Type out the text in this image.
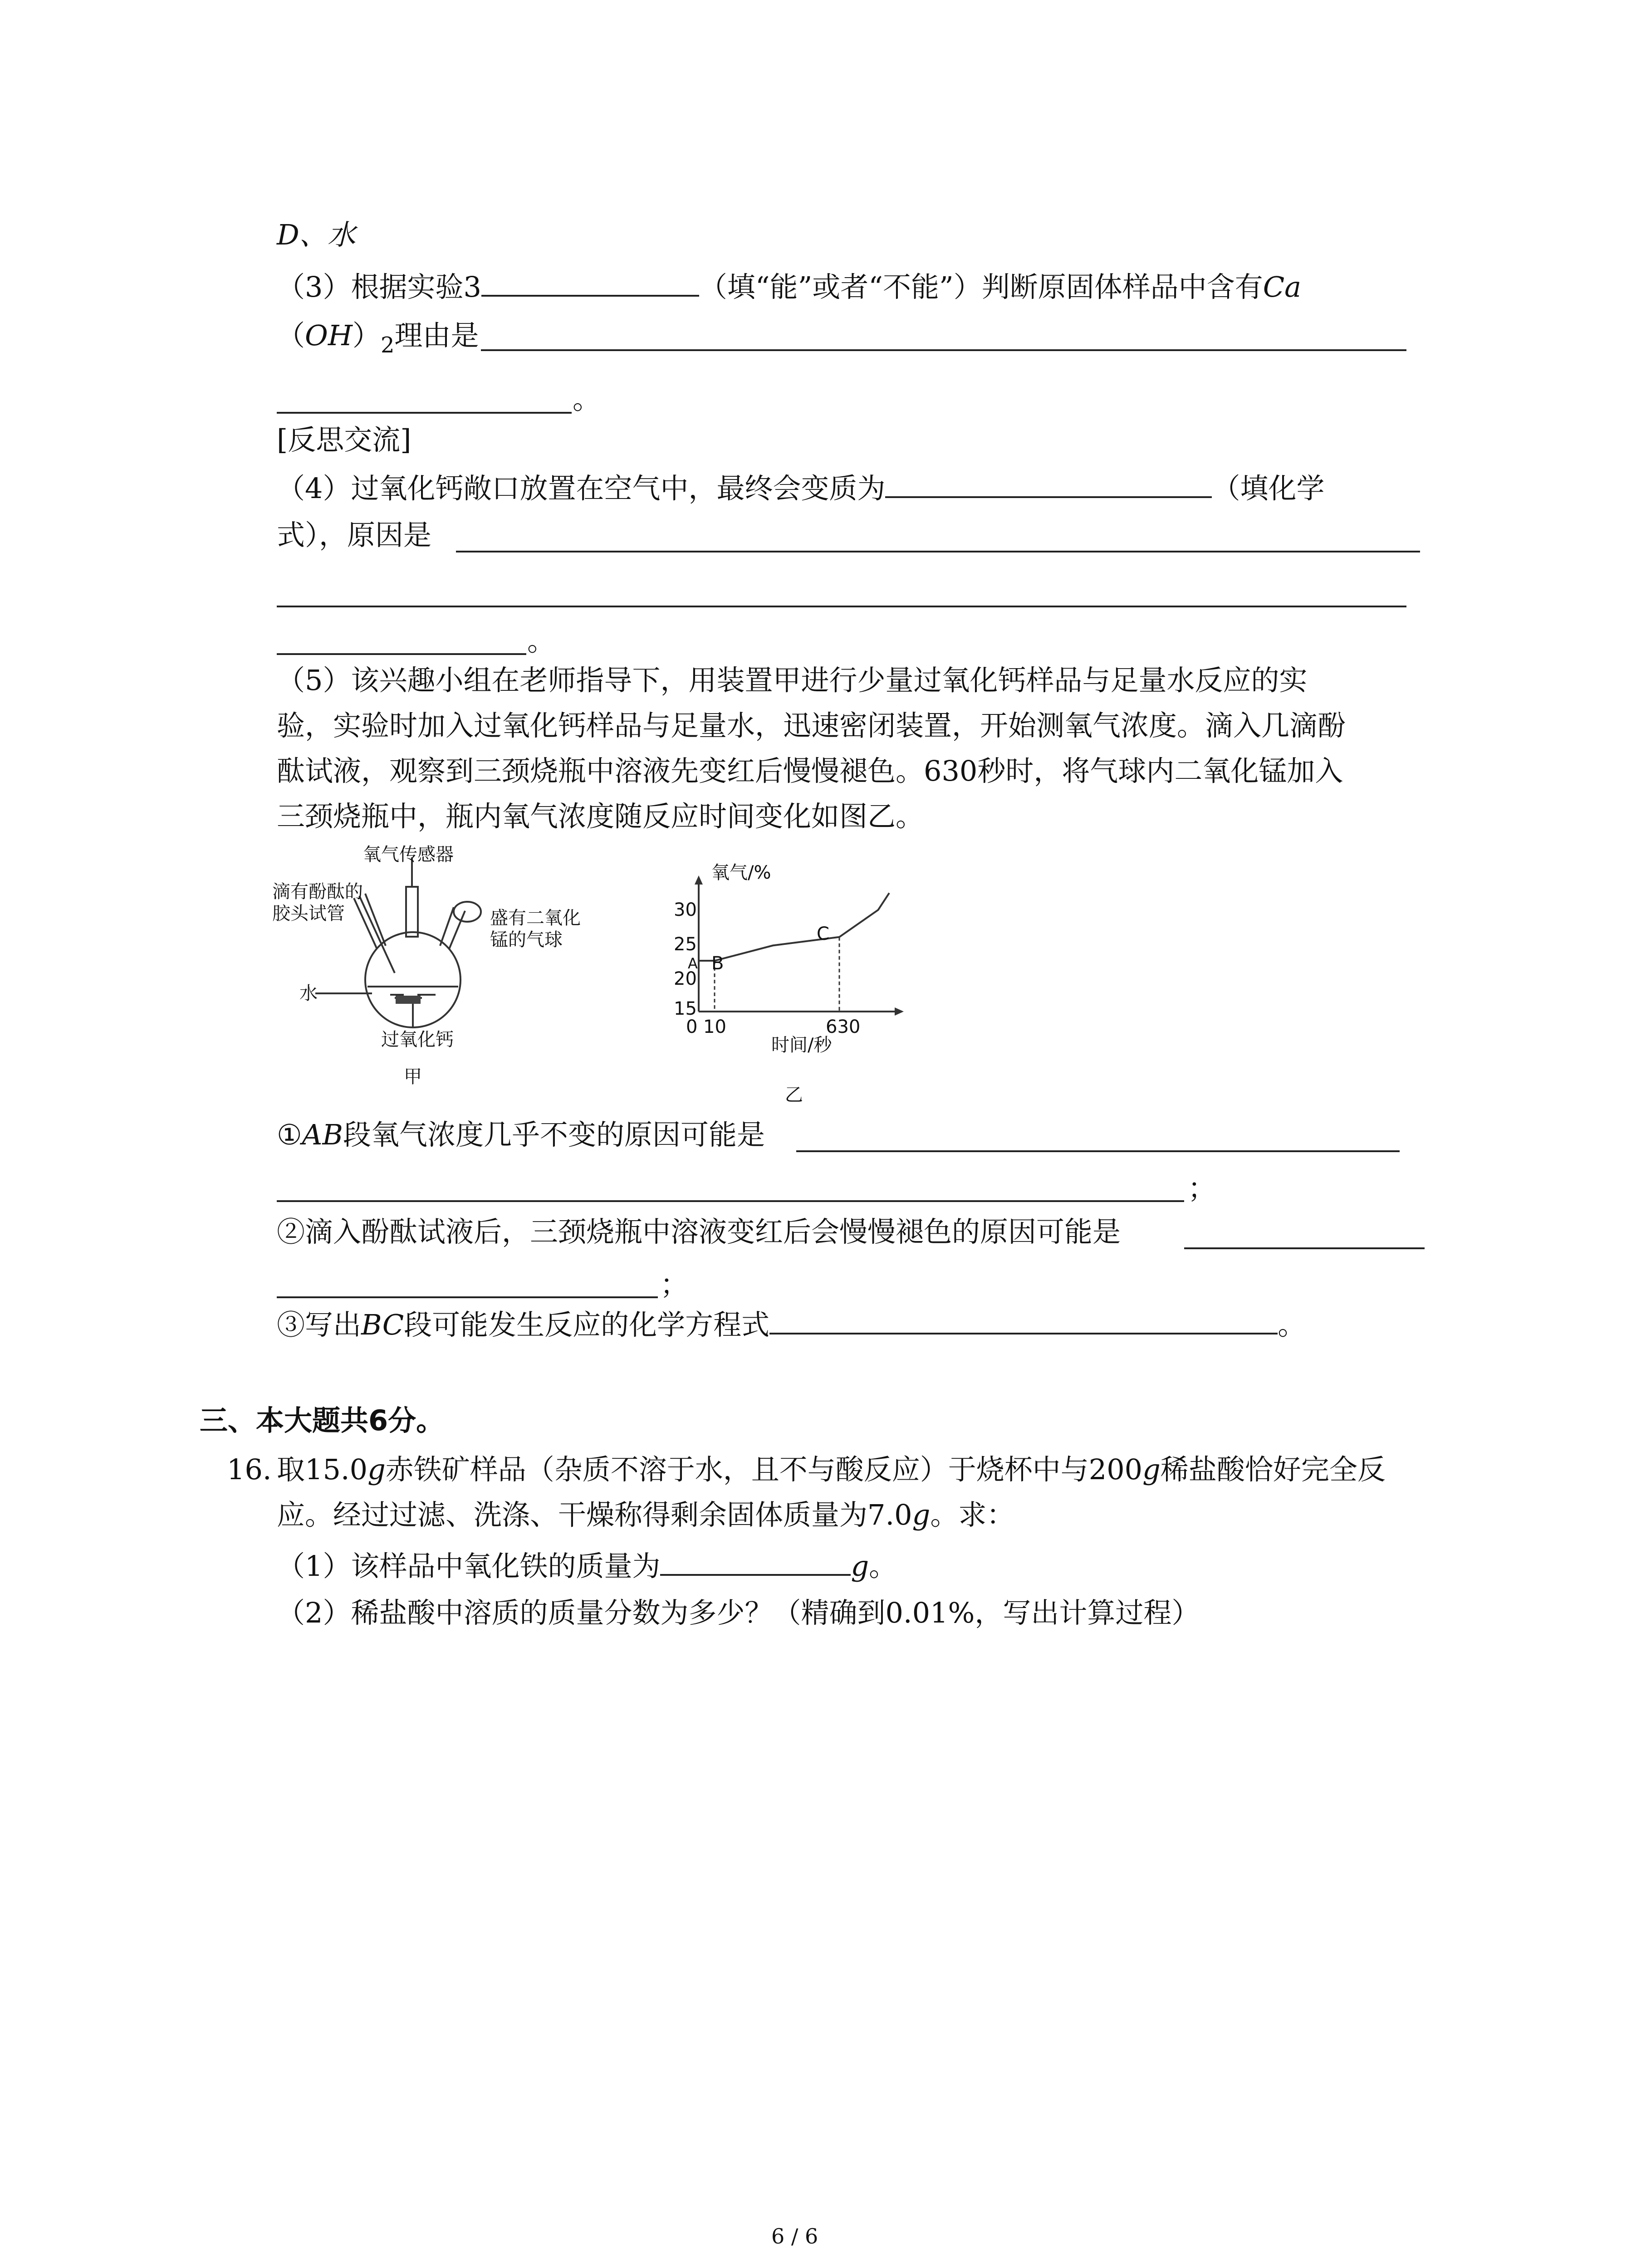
D、水
（3）根据实验3	（填“能”或者“不能”）判断原固体样品中含有Ca
$(OH)_2$理由是
。
[反思交流]
（4）过氧化钙敞口放置在空气中，最终会变质为	（填化学
式），原因是
。
（5）该兴趣小组在老师指导下，用装置甲进行少量过氧化钙样品与足量水反应的实
验，实验时加入过氧化钙样品与足量水，迅速密闭装置，开始测氧气浓度。滴入几滴酚
酞试液，观察到三颈烧瓶中溶液先变红后慢慢褪色。630秒时，将气球内二氧化锰加入
三颈烧瓶中，瓶内氧气浓度随反应时间变化如图乙。
氧气传感器
滴有酚酞的
胶头试管	盛有二氧化
锰的气球
水
过氧化钙
甲
氧气/%
时间/秒
30
25
20
15
0 10	630
A B
C
乙
①AB段氧气浓度几乎不变的原因可能是
；
②滴入酚酞试液后，三颈烧瓶中溶液变红后会慢慢褪色的原因可能是
；
③写出BC段可能发生反应的化学方程式	。
三、本大题共6分。
16. 取15.0g赤铁矿样品（杂质不溶于水，且不与酸反应）于烧杯中与200g稀盐酸恰好完全反
应。经过过滤、洗涤、干燥称得剩余固体质量为7.0g。求：
（1）该样品中氧化铁的质量为	g。
（2）稀盐酸中溶质的质量分数为多少？（精确到0.01%，写出计算过程）
6 / 6
